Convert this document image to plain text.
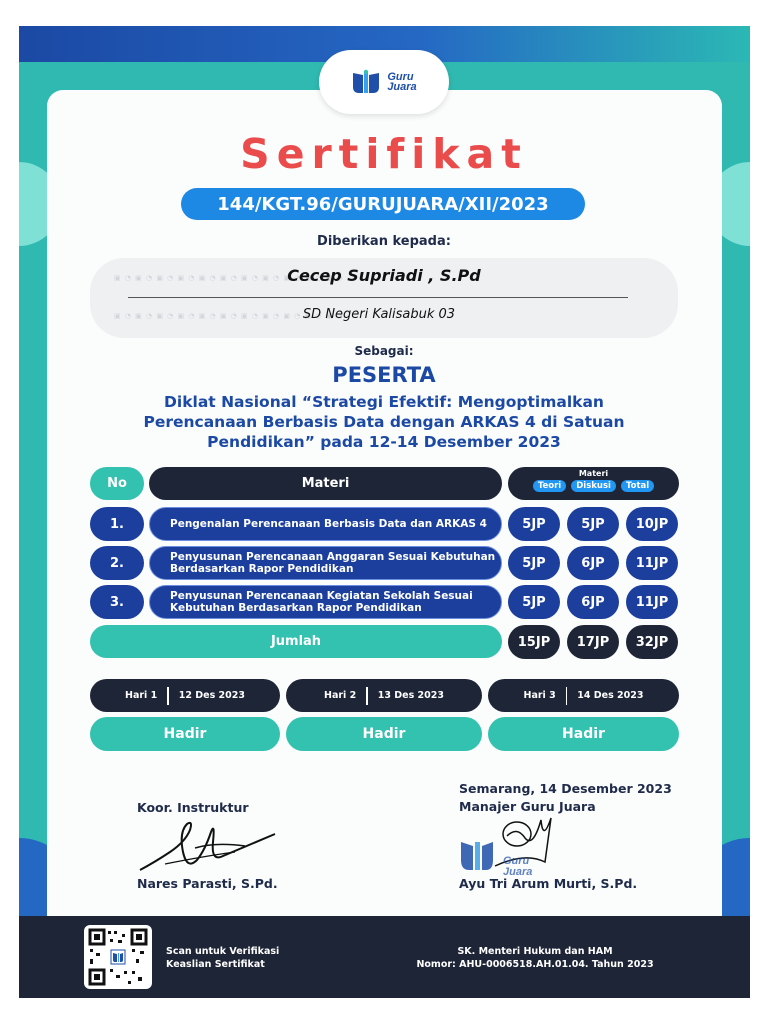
Guru
Juara
Sertifikat
144/KGT.96/GURUJUARA/XII/2023
Diberikan kepada:
▣ ◔ ▣ ◔ ▣ ◔ ▣ ◔ ▣ ◔ ▣ ◔ ▣ ◔ ▣ ◔ ▣ ◔ ▣ ◔ ▣ ◔
▣ ◔ ▣ ◔ ▣ ◔ ▣ ◔ ▣ ◔ ▣ ◔ ▣ ◔ ▣ ◔ ▣ ◔ ▣ ◔ ▣ ◔
Cecep Supriadi , S.Pd
SD Negeri Kalisabuk 03
Sebagai:
PESERTA
Diklat Nasional “Strategi Efektif: Mengoptimalkan Perencanaan Berbasis Data dengan ARKAS 4 di Satuan Pendidikan” pada 12-14 Desember 2023
No	Materi
Materi
Teori	Diskusi	Total
1.	Pengenalan Perencanaan Berbasis Data dan ARKAS 4	5JP	5JP	10JP
2.	Penyusunan Perencanaan Anggaran Sesuai Kebutuhan Berdasarkan Rapor Pendidikan	5JP	6JP	11JP
3.	Penyusunan Perencanaan Kegiatan Sekolah Sesuai Kebutuhan Berdasarkan Rapor Pendidikan	5JP	6JP	11JP
Jumlah	15JP	17JP	32JP
Hari 1 12 Des 2023	Hari 2 13 Des 2023	Hari 3 14 Des 2023
Hadir	Hadir	Hadir
Koor. Instruktur
Nares Parasti, S.Pd.
Semarang, 14 Desember 2023
Manajer Guru Juara
Guru
Juara
Ayu Tri Arum Murti, S.Pd.
Scan untuk Verifikasi
Keaslian Sertifikat
SK. Menteri Hukum dan HAM
Nomor: AHU-0006518.AH.01.04. Tahun 2023
